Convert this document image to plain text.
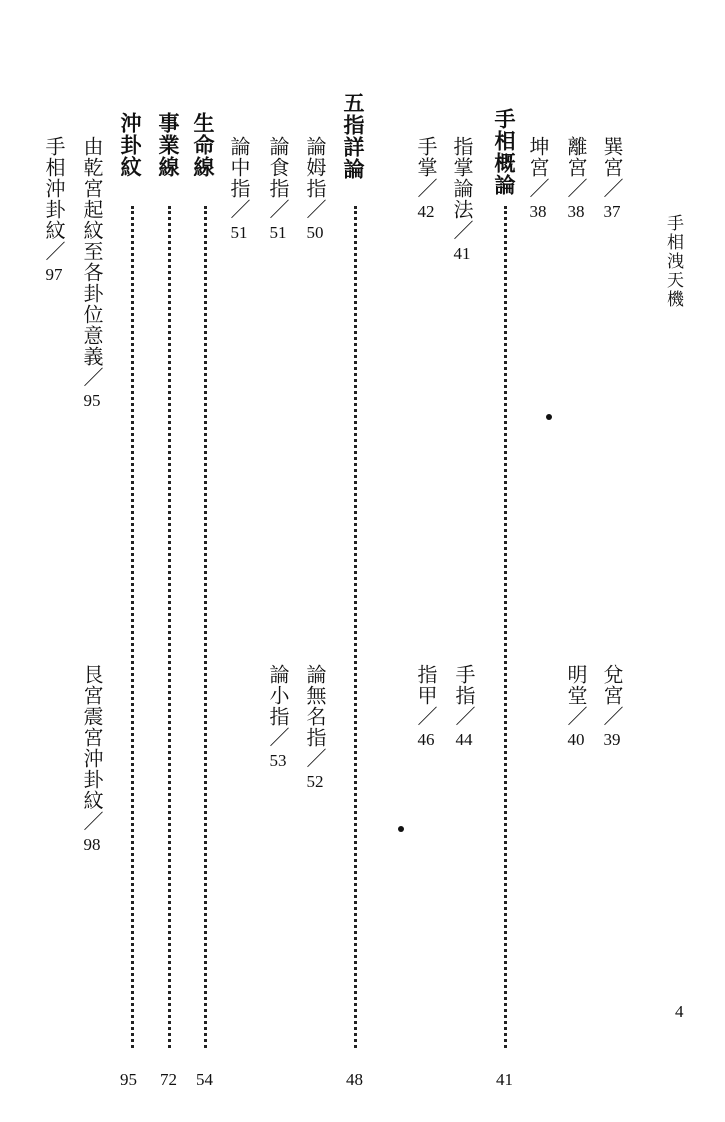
手相洩天機
4
巽宮／37
兌宮／39
離宮／38
明堂／40
坤宮／38
手相概論
41
指掌論法／41
手指／44
手掌／42
指甲／46
五指詳論
48
論姆指／50
論無名指／52
論食指／51
論小指／53
論中指／51
生命線
54
事業線
72
沖卦紋
95
由乾宮起紋至各卦位意義／95
艮宮震宮沖卦紋／98
手相沖卦紋／97
